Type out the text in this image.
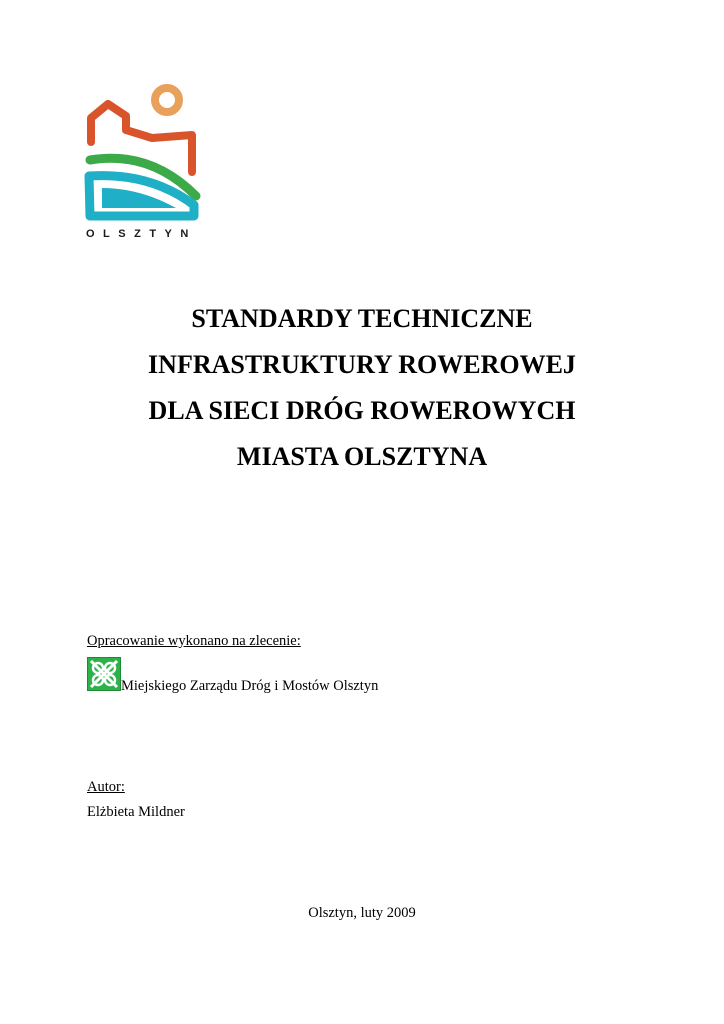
OLSZTYN
STANDARDY TECHNICZNE
INFRASTRUKTURY ROWEROWEJ
DLA SIECI DRÓG ROWEROWYCH
MIASTA OLSZTYNA
Opracowanie wykonano na zlecenie:
Miejskiego Zarządu Dróg i Mostów Olsztyn
Autor:
Elżbieta Mildner
Olsztyn, luty 2009
